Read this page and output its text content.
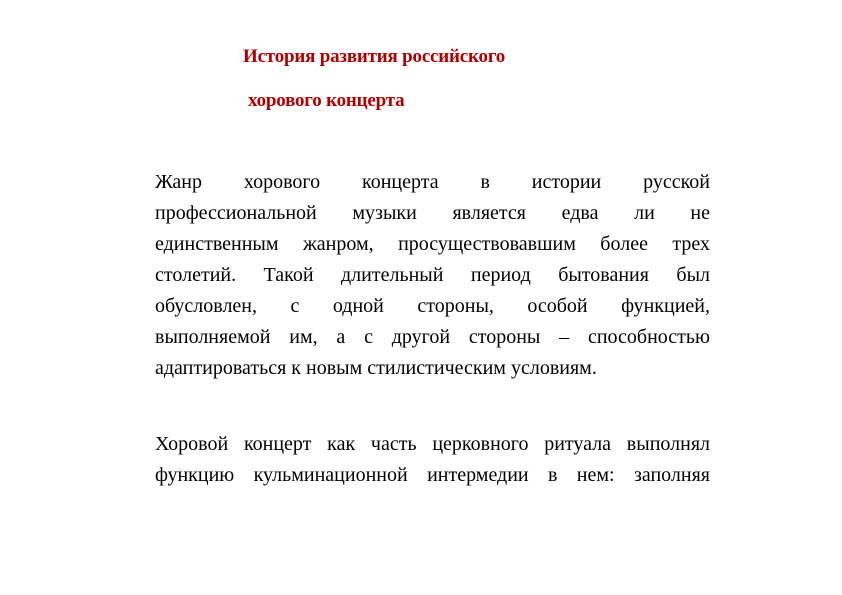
История развития российского
хорового концерта
Жанр хорового концерта в истории русской
профессиональной музыки является едва ли не
единственным жанром, просуществовавшим более трех
столетий. Такой длительный период бытования был
обусловлен, с одной стороны, особой функцией,
выполняемой им, а с другой стороны – способностью
адаптироваться к новым стилистическим условиям.
Хоровой концерт как часть церковного ритуала выполнял
функцию кульминационной интермедии в нем: заполняя
